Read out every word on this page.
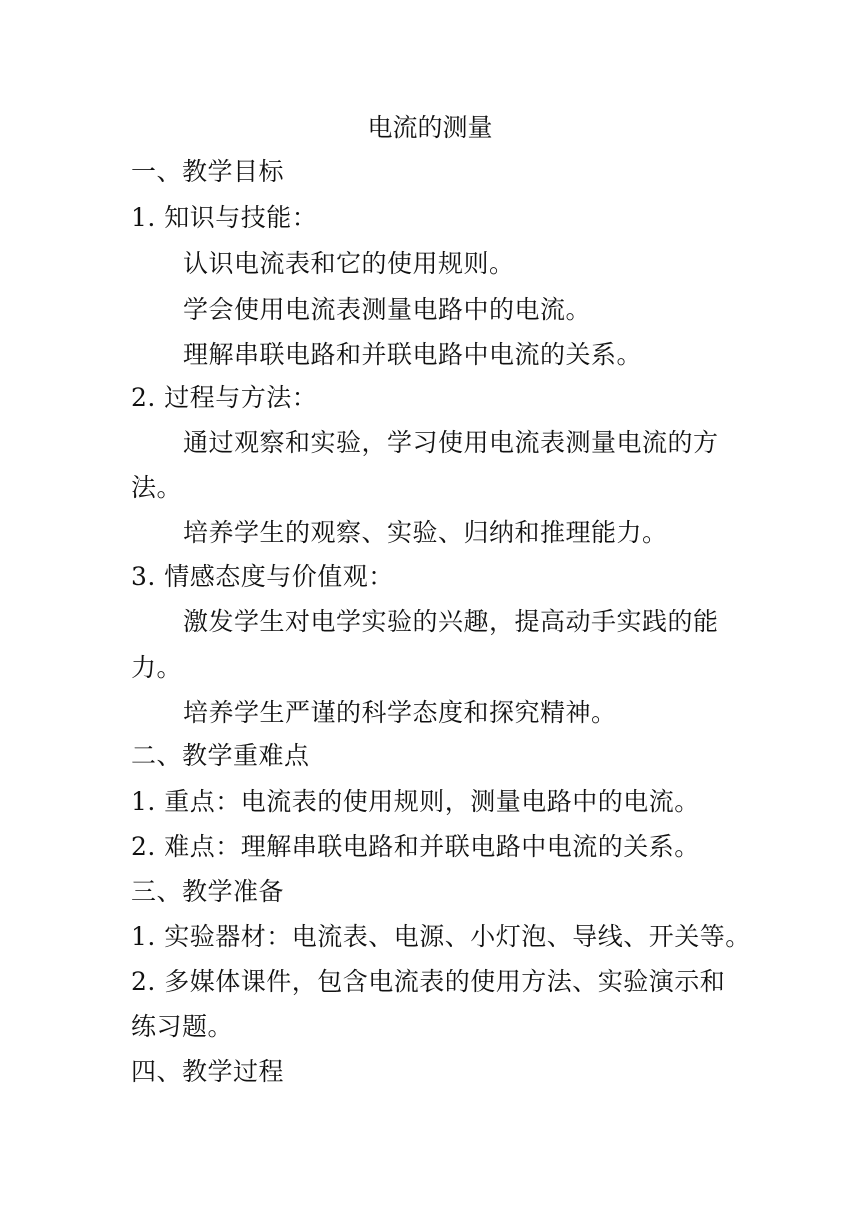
电流的测量
一、教学目标
1. 知识与技能：
认识电流表和它的使用规则。
学会使用电流表测量电路中的电流。
理解串联电路和并联电路中电流的关系。
2. 过程与方法：
通过观察和实验，学习使用电流表测量电流的方
法。
培养学生的观察、实验、归纳和推理能力。
3. 情感态度与价值观：
激发学生对电学实验的兴趣，提高动手实践的能
力。
培养学生严谨的科学态度和探究精神。
二、教学重难点
1. 重点：电流表的使用规则，测量电路中的电流。
2. 难点：理解串联电路和并联电路中电流的关系。
三、教学准备
1. 实验器材：电流表、电源、小灯泡、导线、开关等。
2. 多媒体课件，包含电流表的使用方法、实验演示和
练习题。
四、教学过程
